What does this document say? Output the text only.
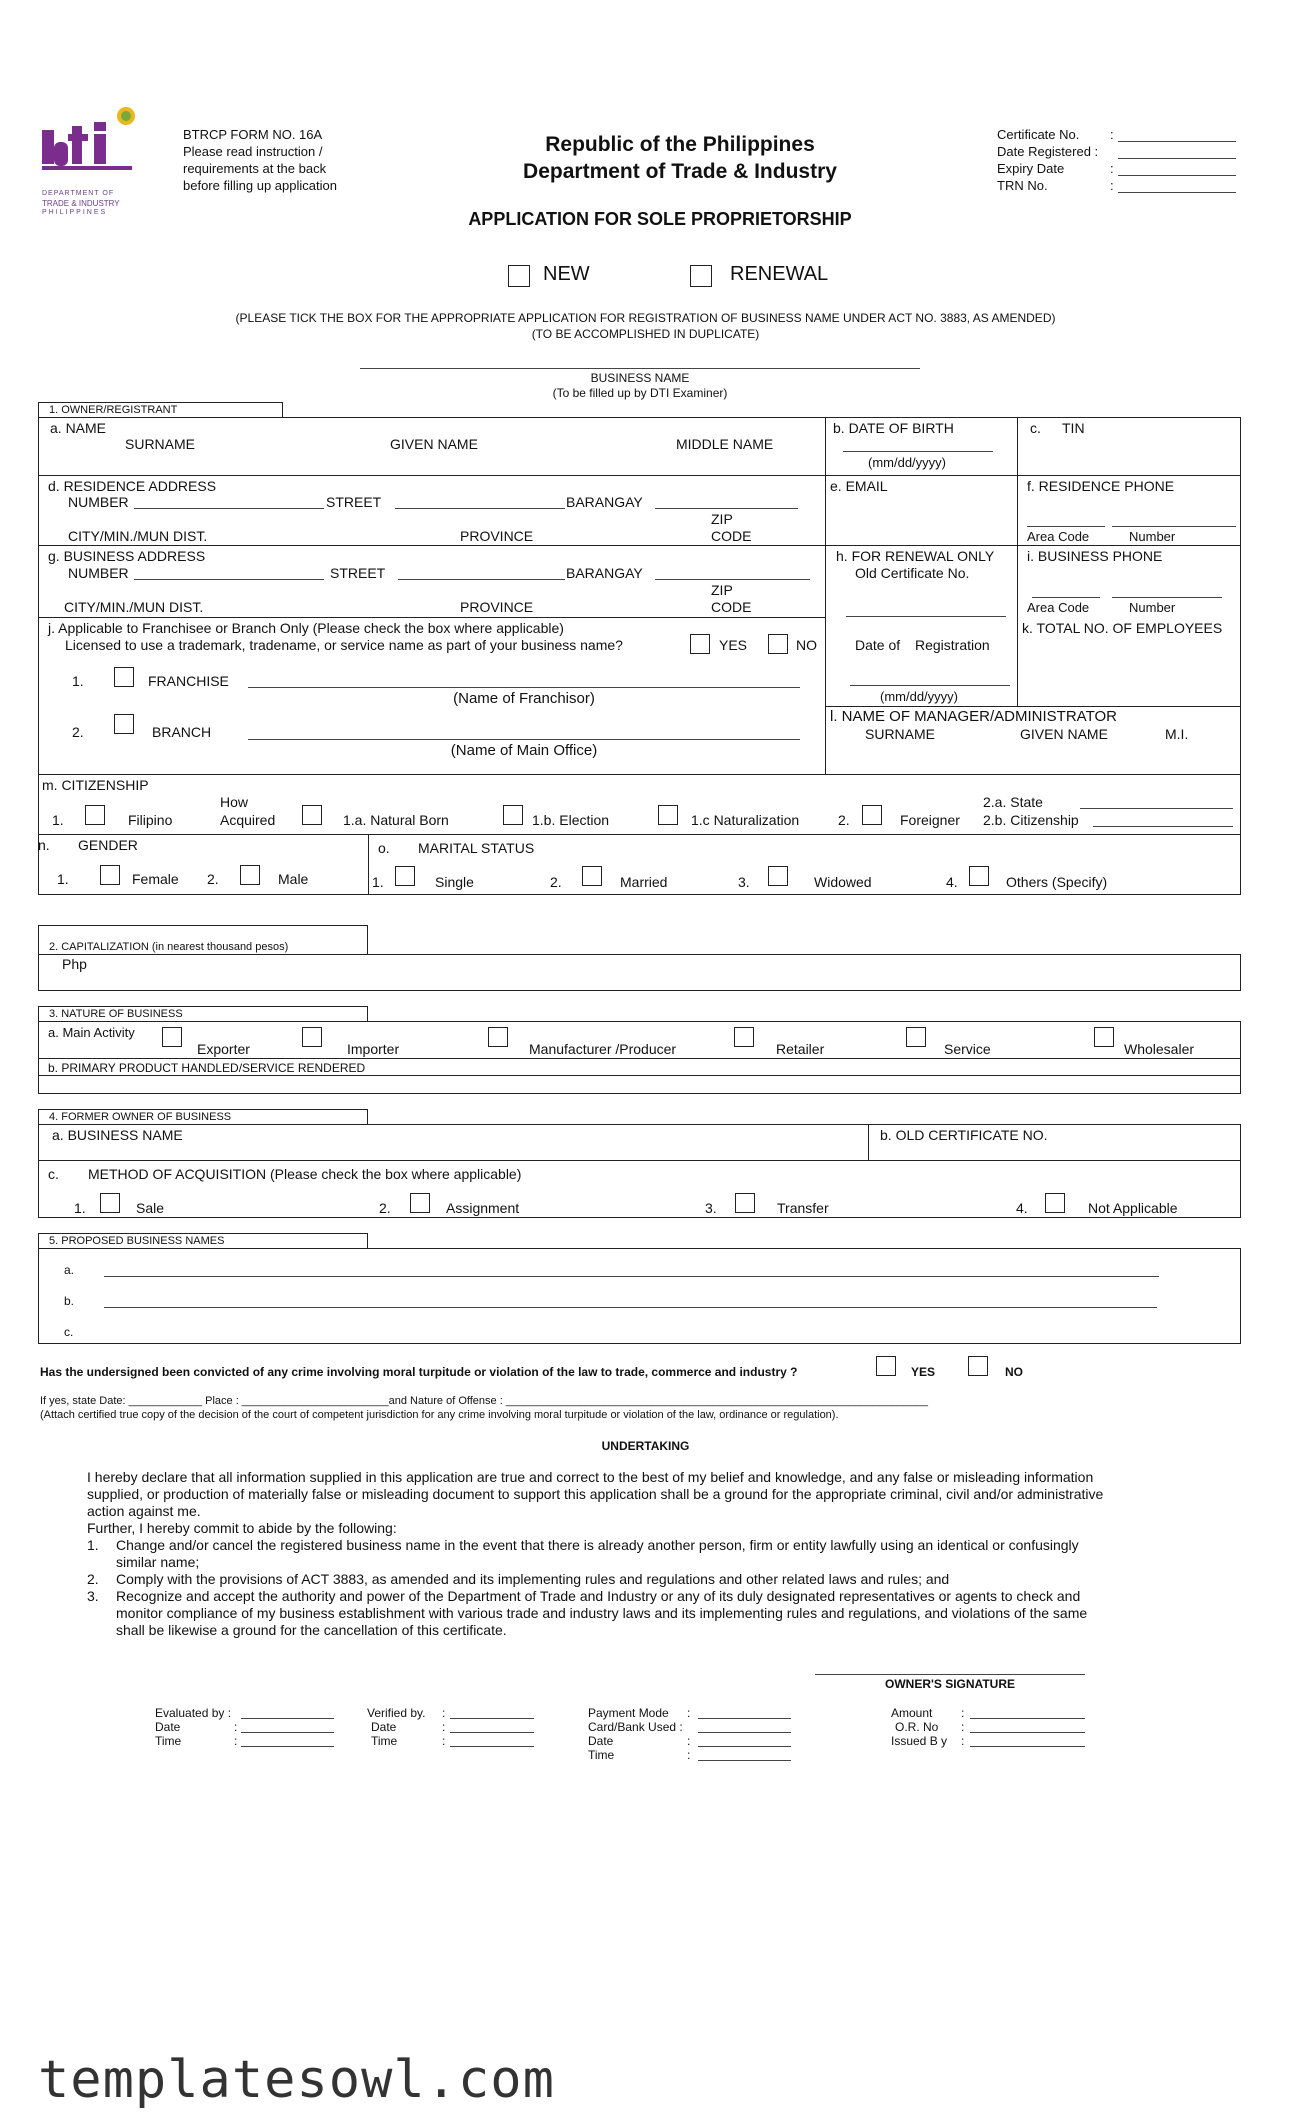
DEPARTMENT OF
TRADE & INDUSTRY
PHILIPPINES
BTRCP FORM NO. 16A
Please read instruction /
requirements at the back
before filling up application
Republic of the Philippines
Department of Trade & Industry
APPLICATION FOR SOLE PROPRIETORSHIP
Certificate No. :
Date Registered :
Expiry Date	:
TRN No.	:
NEW	RENEWAL
(PLEASE TICK THE BOX FOR THE APPROPRIATE APPLICATION FOR REGISTRATION OF BUSINESS NAME UNDER ACT NO. 3883, AS AMENDED)
(TO BE ACCOMPLISHED IN DUPLICATE)
BUSINESS NAME
(To be filled up by DTI Examiner)
1. OWNER/REGISTRANT
a. NAME
SURNAME	GIVEN NAME	MIDDLE NAME
b. DATE OF BIRTH
(mm/dd/yyyy)
c. TIN
d. RESIDENCE ADDRESS
NUMBER	STREET	BARANGAY
ZIP
CITY/MIN./MUN DIST.	PROVINCE	CODE
e. EMAIL	f. RESIDENCE PHONE
Area Code	Number
g. BUSINESS ADDRESS
NUMBER	STREET	BARANGAY
ZIP
CITY/MIN./MUN DIST.	PROVINCE	CODE
h. FOR RENEWAL ONLY
Old Certificate No.
i. BUSINESS PHONE
Area Code	Number
j. Applicable to Franchisee or Branch Only (Please check the box where applicable)
Licensed to use a trademark, tradename, or service name as part of your business name?	YES	NO	Date of Registration
(mm/dd/yyyy)
k. TOTAL NO. OF EMPLOYEES
1.	FRANCHISE
(Name of Franchisor)
2.	BRANCH
(Name of Main Office)
l. NAME OF MANAGER/ADMINISTRATOR
SURNAME	GIVEN NAME	M.I.
m. CITIZENSHIP
1.	Filipino
How
Acquired	1.a. Natural Born	1.b. Election	1.c Naturalization	2.	Foreigner
2.a. State
2.b. Citizenship
n. GENDER
1.	Female 2.	Male
o. MARITAL STATUS
1.	Single	2.	Married	3.	Widowed	4.	Others (Specify)
2. CAPITALIZATION (in nearest thousand pesos)
Php
3. NATURE OF BUSINESS
a. Main Activity
Exporter	Importer	Manufacturer /Producer	Retailer	Service	Wholesaler
b. PRIMARY PRODUCT HANDLED/SERVICE RENDERED
4. FORMER OWNER OF BUSINESS
a. BUSINESS NAME	b. OLD CERTIFICATE NO.
c. METHOD OF ACQUISITION (Please check the box where applicable)
1.	Sale	2.	Assignment	3.	Transfer	4.	Not Applicable
5. PROPOSED BUSINESS NAMES
a.
b.
c.
Has the undersigned been convicted of any crime involving moral turpitude or violation of the law to trade, commerce and industry ?	YES	NO
If yes, state Date: ____________ Place : ________________________and Nature of Offense : _____________________________________________________________________
(Attach certified true copy of the decision of the court of competent jurisdiction for any crime involving moral turpitude or violation of the law, ordinance or regulation).
UNDERTAKING
I hereby declare that all information supplied in this application are true and correct to the best of my belief and knowledge, and any false or misleading information
supplied, or production of materially false or misleading document to support this application shall be a ground for the appropriate criminal, civil and/or administrative
action against me.
Further, I hereby commit to abide by the following:
1. Change and/or cancel the registered business name in the event that there is already another person, firm or entity lawfully using an identical or confusingly
similar name;
2. Comply with the provisions of ACT 3883, as amended and its implementing rules and regulations and other related laws and rules; and
3. Recognize and accept the authority and power of the Department of Trade and Industry or any of its duly designated representatives or agents to check and
monitor compliance of my business establishment with various trade and industry laws and its implementing rules and regulations, and violations of the same
shall be likewise a ground for the cancellation of this certificate.
OWNER'S SIGNATURE
Evaluated by :
Date	:
Time	:
Verified by. :
Date	:
Time	:
Payment Mode :
Card/Bank Used :
Date	:
Time	:
Amount :
O.R. No :
Issued B y :
templatesowl.com
